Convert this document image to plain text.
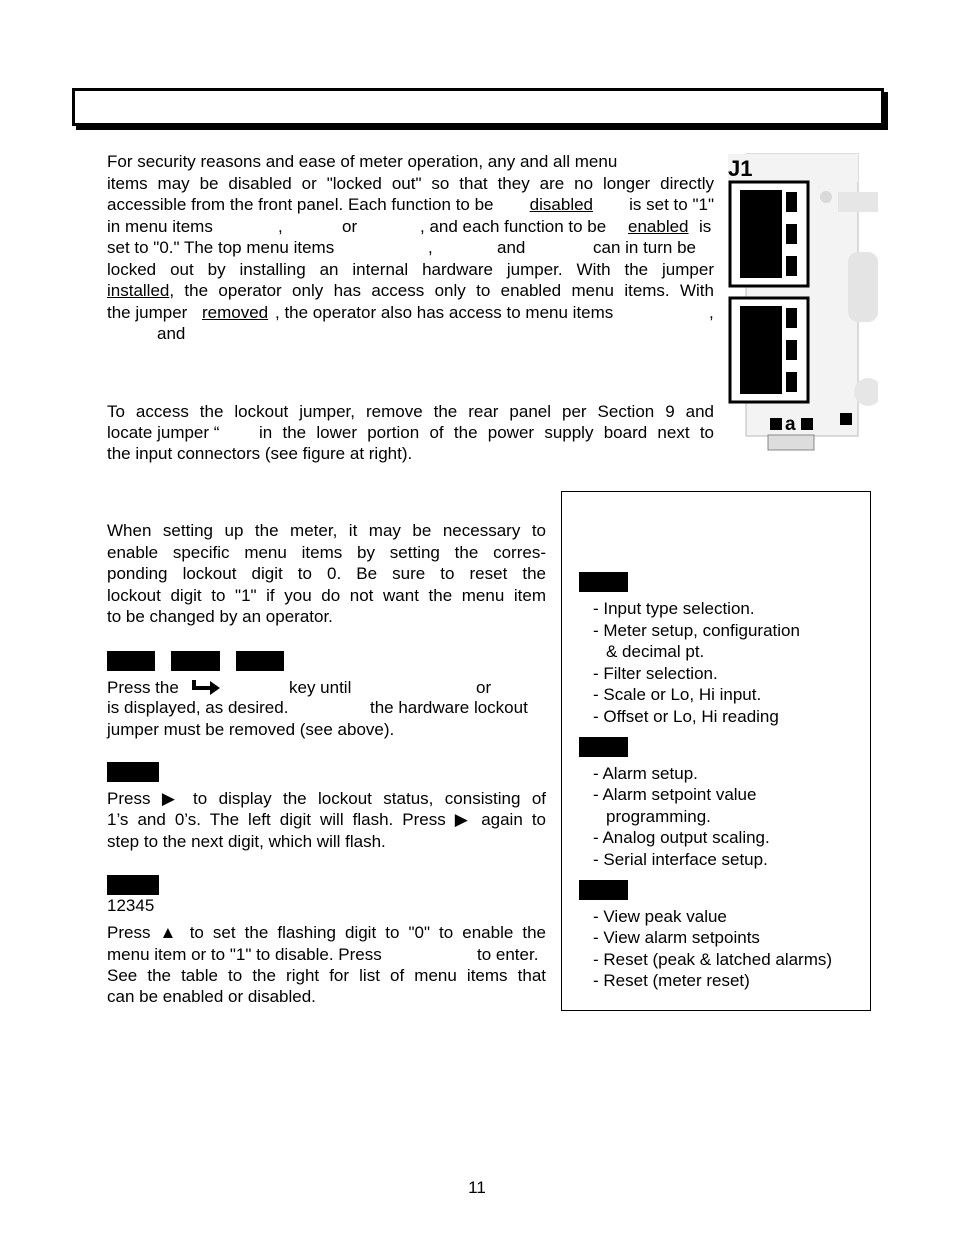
For security reasons and ease of meter operation, any and all menu
items may be disabled or "locked out" so that they are no longer directly
accessible from the front panel. Each function to be disabled is set to "1"
in menu items	,	or	, and each function to be enabled is
set to "0." The top menu items	,	and	can in turn be
locked out by installing an internal hardware jumper. With the jumper
installed , the operator only has access only to enabled menu items. With
the jumper removed , the operator also has access to menu items	,
and
To access the lockout jumper, remove the rear panel per Section 9 and
locate jumper “ in the lower portion of the power supply board next to
the input connectors (see figure at right).
J1
a
When setting up the meter, it may be necessary to
enable specific menu items by setting the corres-
ponding lockout digit to 0. Be sure to reset the
lockout digit to "1" if you do not want the menu item
to be changed by an operator.
Press the	key until	or
is displayed, as desired.	the hardware lockout
jumper must be removed (see above).
Press ▶ to display the lockout status, consisting of
1’s and 0’s. The left digit will flash. Press ▶ again to
step to the next digit, which will flash.
12345
Press ▲ to set the flashing digit to "0" to enable the
menu item or to "1" to disable. Press	to enter.
See the table to the right for list of menu items that
can be enabled or disabled.
- Input type selection.
- Meter setup, configuration
& decimal pt.
- Filter selection.
- Scale or Lo, Hi input.
- Offset or Lo, Hi reading
- Alarm setup.
- Alarm setpoint value
programming.
- Analog output scaling.
- Serial interface setup.
- View peak value
- View alarm setpoints
- Reset (peak & latched alarms)
- Reset (meter reset)
11
